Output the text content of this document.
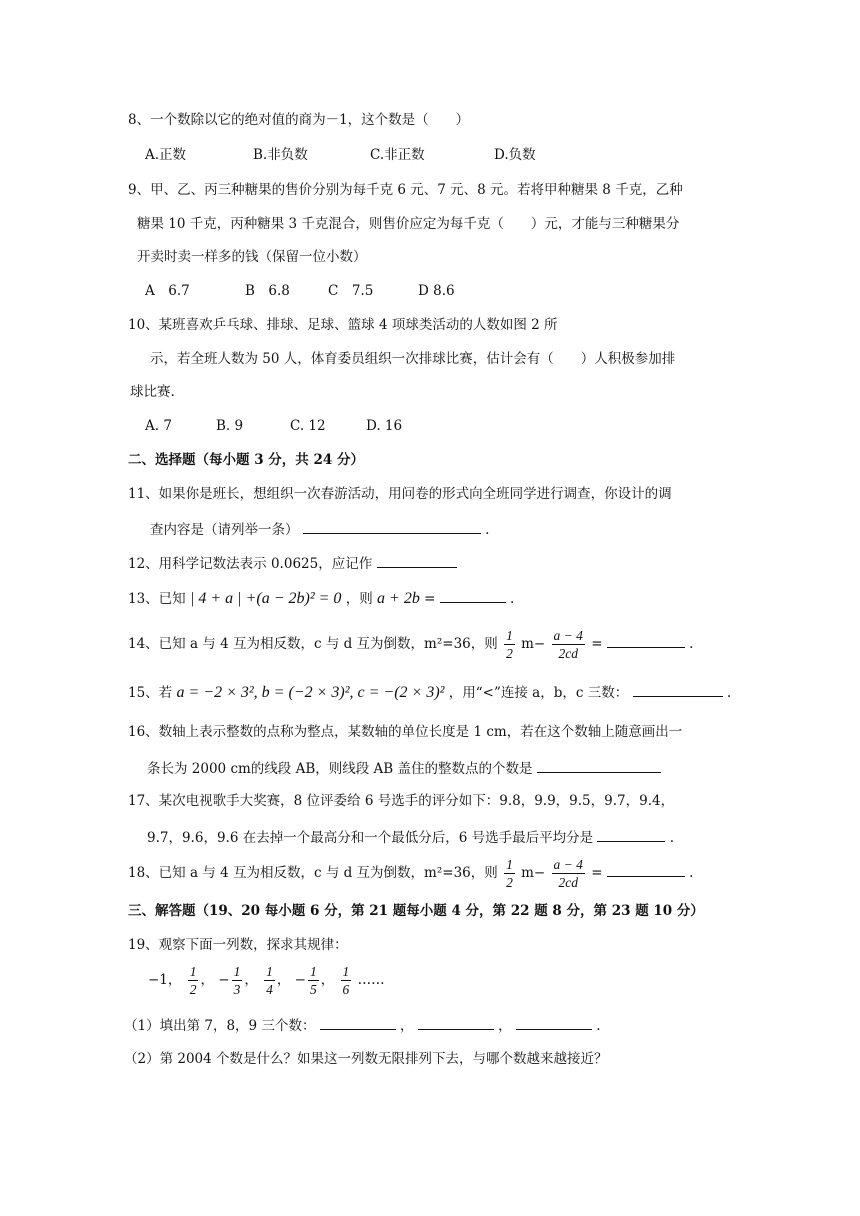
8、一个数除以它的绝对值的商为－1，这个数是（　　）
A.正数	B.非负数	C.非正数	D.负数
9、甲、乙、丙三种糖果的售价分别为每千克 6 元、7 元、8 元。若将甲种糖果 8 千克，乙种
糖果 10 千克，丙种糖果 3 千克混合，则售价应定为每千克（　　）元，才能与三种糖果分
开卖时卖一样多的钱（保留一位小数）
A　6.7	B　6.8	C　7.5	D 8.6
10、某班喜欢乒乓球、排球、足球、篮球 4 项球类活动的人数如图 2 所
示，若全班人数为 50 人，体育委员组织一次排球比赛，估计会有（　　）人积极参加排
球比赛.
A. 7	B. 9	C. 12	D. 16
二、选择题（每小题 3 分，共 24 分）
11、如果你是班长，想组织一次春游活动，用问卷的形式向全班同学进行调查，你设计的调
查内容是（请列举一条）	.
12、用科学记数法表示 0.0625，应记作
13、已知 | 4 + a | +(a − 2b)² = 0 ，则 a + 2b =	.
14、已知 a 与 4 互为相反数，c 与 d 互为倒数，m²=36，则 $\frac{1}{2} m- \frac{a - 4}{2cd}$ =	.
15、若 a = −2 × 3², b = (−2 × 3)², c = −(2 × 3)² ，用“<”连接 a，b，c 三数：	.
16、数轴上表示整数的点称为整点，某数轴的单位长度是 1 cm，若在这个数轴上随意画出一
条长为 2000 cm的线段 AB，则线段 AB 盖住的整数点的个数是
17、某次电视歌手大奖赛，8 位评委给 6 号选手的评分如下：9.8，9.9，9.5，9.7，9.4，
9.7，9.6，9.6 在去掉一个最高分和一个最低分后，6 号选手最后平均分是	.
18、已知 a 与 4 互为相反数，c 与 d 互为倒数，m²=36，则 $\frac{1}{2} m- \frac{a - 4}{2cd}$ =	.
三、解答题（19、20 每小题 6 分，第 21 题每小题 4 分，第 22 题 8 分，第 23 题 10 分）
19、观察下面一列数，探求其规律：
−1， $\frac{1}{2}$ ， − $\frac{1}{3}$ ， $\frac{1}{4}$ ， − $\frac{1}{5}$ ， $\frac{1}{6}$ ……
（1）填出第 7，8，9 三个数：	，	，	.
（2）第 2004 个数是什么？如果这一列数无限排列下去，与哪个数越来越接近？
